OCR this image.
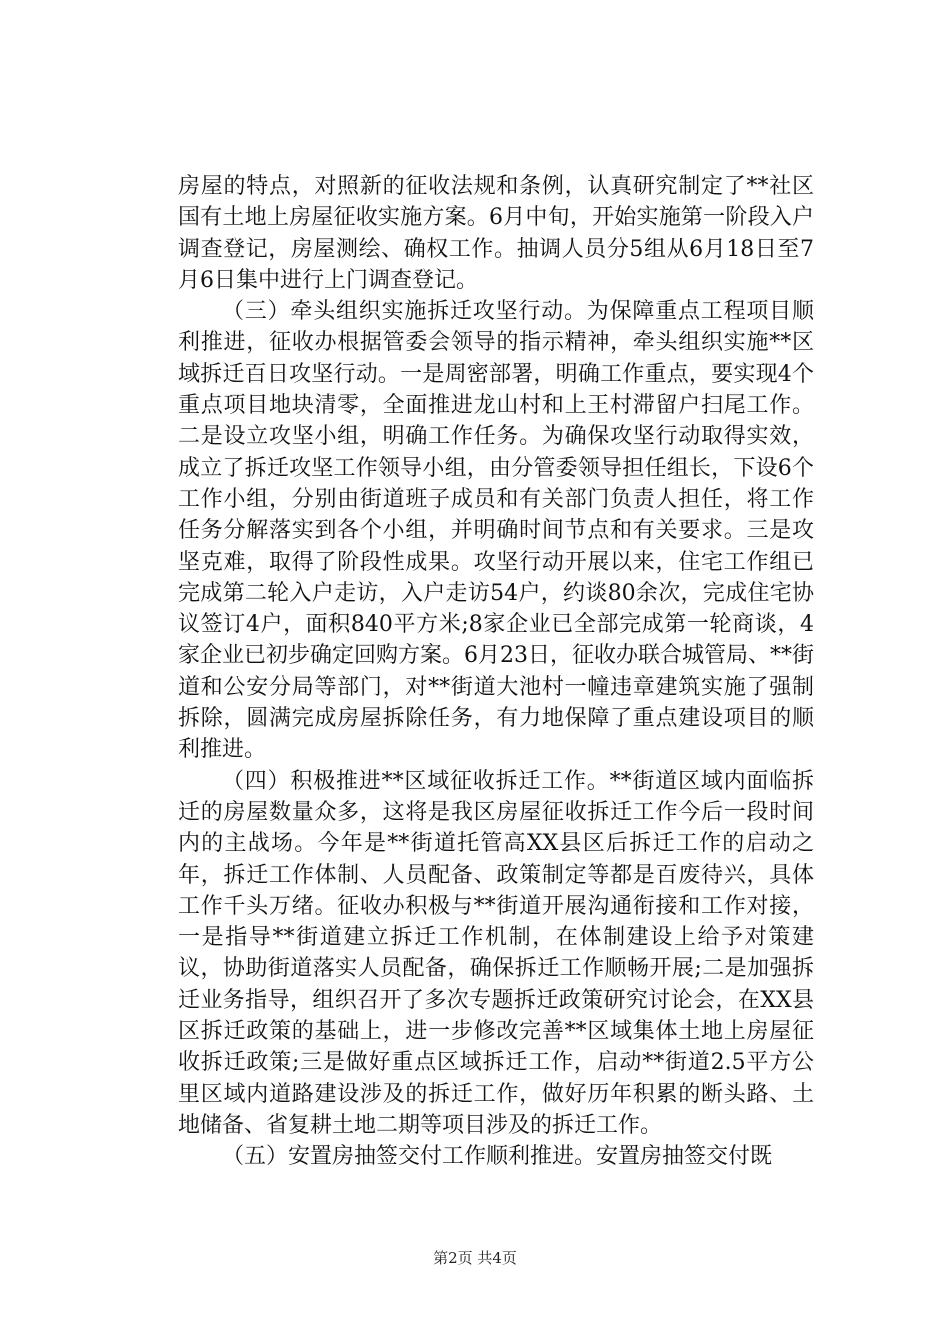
房屋的特点，对照新的征收法规和条例，认真研究制定了**社区国有土地上房屋征收实施方案。6月中旬，开始实施第一阶段入户调查登记，房屋测绘、确权工作。抽调人员分5组从6月18日至7月6日集中进行上门调查登记。

（三）牵头组织实施拆迁攻坚行动。为保障重点工程项目顺利推进，征收办根据管委会领导的指示精神，牵头组织实施**区域拆迁百日攻坚行动。一是周密部署，明确工作重点，要实现4个重点项目地块清零，全面推进龙山村和上王村滞留户扫尾工作。二是设立攻坚小组，明确工作任务。为确保攻坚行动取得实效，成立了拆迁攻坚工作领导小组，由分管委领导担任组长，下设6个工作小组，分别由街道班子成员和有关部门负责人担任，将工作任务分解落实到各个小组，并明确时间节点和有关要求。三是攻坚克难，取得了阶段性成果。攻坚行动开展以来，住宅工作组已完成第二轮入户走访，入户走访54户，约谈80余次，完成住宅协议签订4户，面积840平方米;8家企业已全部完成第一轮商谈，4家企业已初步确定回购方案。6月23日，征收办联合城管局、**街道和公安分局等部门，对**街道大池村一幢违章建筑实施了强制拆除，圆满完成房屋拆除任务，有力地保障了重点建设项目的顺利推进。

（四）积极推进**区域征收拆迁工作。**街道区域内面临拆迁的房屋数量众多，这将是我区房屋征收拆迁工作今后一段时间内的主战场。今年是**街道托管高XX县区后拆迁工作的启动之年，拆迁工作体制、人员配备、政策制定等都是百废待兴，具体工作千头万绪。征收办积极与**街道开展沟通衔接和工作对接，一是指导**街道建立拆迁工作机制，在体制建设上给予对策建议，协助街道落实人员配备，确保拆迁工作顺畅开展;二是加强拆迁业务指导，组织召开了多次专题拆迁政策研究讨论会，在XX县区拆迁政策的基础上，进一步修改完善**区域集体土地上房屋征收拆迁政策;三是做好重点区域拆迁工作，启动**街道2.5平方公里区域内道路建设涉及的拆迁工作，做好历年积累的断头路、土地储备、省复耕土地二期等项目涉及的拆迁工作。

（五）安置房抽签交付工作顺利推进。安置房抽签交付既

第2页 共4页
